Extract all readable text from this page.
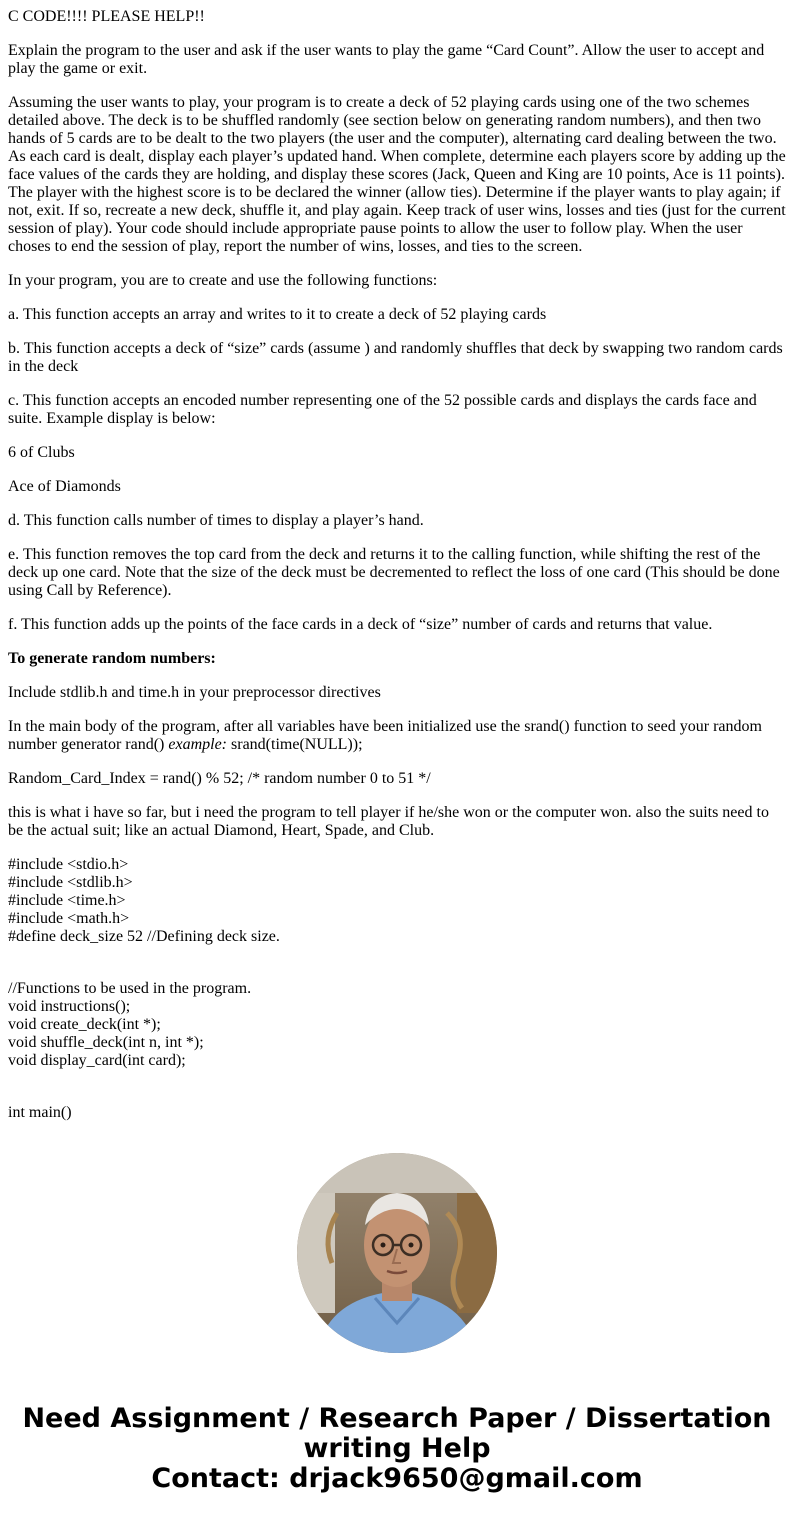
C CODE!!!! PLEASE HELP!!

Explain the program to the user and ask if the user wants to play the game “Card Count”. Allow the user to accept and play the game or exit.

Assuming the user wants to play, your program is to create a deck of 52 playing cards using one of the two schemes detailed above. The deck is to be shuffled randomly (see section below on generating random numbers), and then two hands of 5 cards are to be dealt to the two players (the user and the computer), alternating card dealing between the two. As each card is dealt, display each player’s updated hand. When complete, determine each players score by adding up the face values of the cards they are holding, and display these scores (Jack, Queen and King are 10 points, Ace is 11 points). The player with the highest score is to be declared the winner (allow ties). Determine if the player wants to play again; if not, exit. If so, recreate a new deck, shuffle it, and play again. Keep track of user wins, losses and ties (just for the current session of play). Your code should include appropriate pause points to allow the user to follow play. When the user choses to end the session of play, report the number of wins, losses, and ties to the screen.

In your program, you are to create and use the following functions:

a. This function accepts an array and writes to it to create a deck of 52 playing cards

b. This function accepts a deck of “size” cards (assume ) and randomly shuffles that deck by swapping two random cards in the deck

c. This function accepts an encoded number representing one of the 52 possible cards and displays the cards face and suite. Example display is below:

6 of Clubs

Ace of Diamonds

d. This function calls number of times to display a player’s hand.

e. This function removes the top card from the deck and returns it to the calling function, while shifting the rest of the deck up one card. Note that the size of the deck must be decremented to reflect the loss of one card (This should be done using Call by Reference).

f. This function adds up the points of the face cards in a deck of “size” number of cards and returns that value.

To generate random numbers:

Include stdlib.h and time.h in your preprocessor directives

In the main body of the program, after all variables have been initialized use the srand() function to seed your random number generator rand() example: srand(time(NULL));

Random_Card_Index = rand() % 52; /* random number 0 to 51 */

this is what i have so far, but i need the program to tell player if he/she won or the computer won. also the suits need to be the actual suit; like an actual Diamond, Heart, Spade, and Club.

#include <stdio.h>
#include <stdlib.h>
#include <time.h>
#include <math.h>
#define deck_size 52 //Defining deck size.
//Functions to be used in the program.
void instructions();
void create_deck(int *);
void shuffle_deck(int n, int *);
void display_card(int card);

int main()

Need Assignment / Research Paper / Dissertation
writing Help
Contact: drjack9650@gmail.com
